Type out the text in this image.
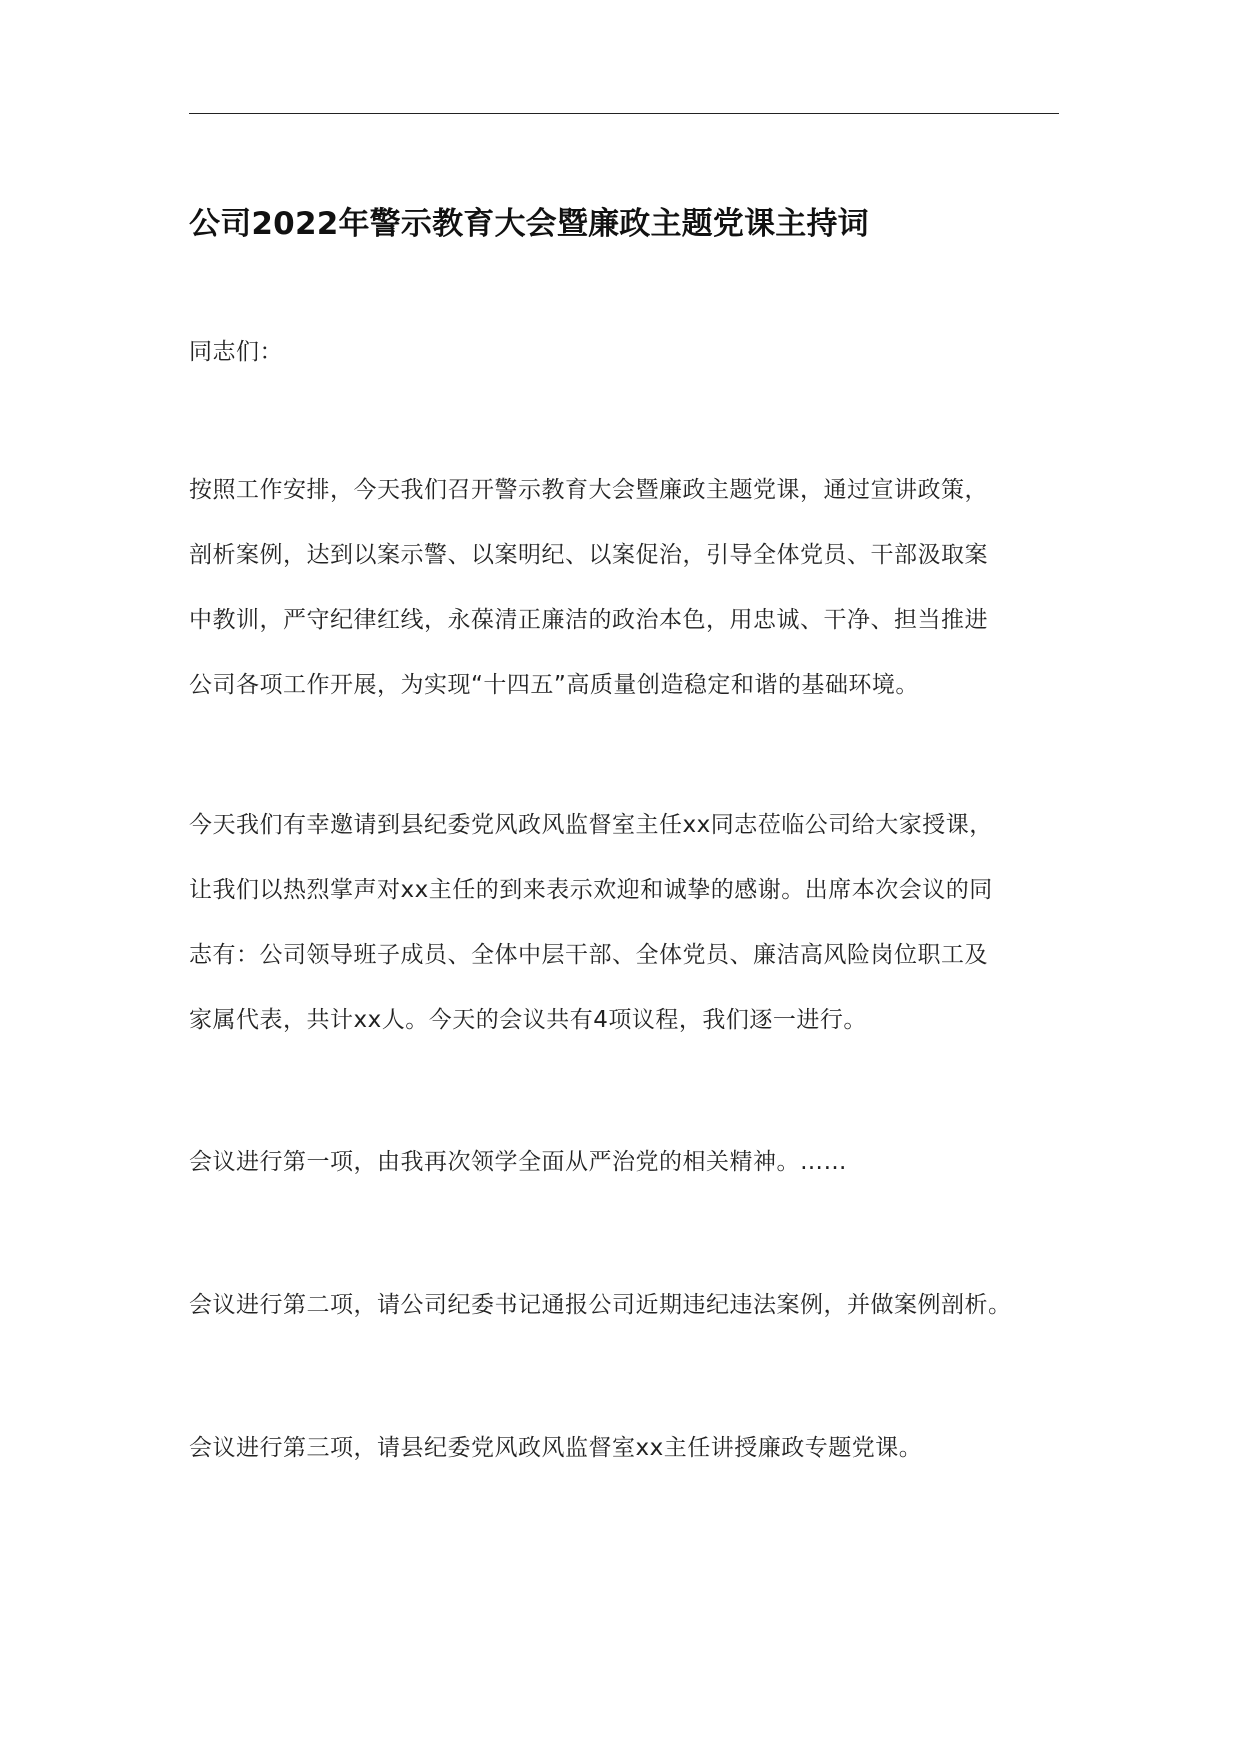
公司2022年警示教育大会暨廉政主题党课主持词

同志们：

按照工作安排，今天我们召开警示教育大会暨廉政主题党课，通过宣讲政策，
剖析案例，达到以案示警、以案明纪、以案促治，引导全体党员、干部汲取案
中教训，严守纪律红线，永葆清正廉洁的政治本色，用忠诚、干净、担当推进
公司各项工作开展，为实现“十四五”高质量创造稳定和谐的基础环境。

今天我们有幸邀请到县纪委党风政风监督室主任xx同志莅临公司给大家授课，
让我们以热烈掌声对xx主任的到来表示欢迎和诚挚的感谢。出席本次会议的同
志有：公司领导班子成员、全体中层干部、全体党员、廉洁高风险岗位职工及
家属代表，共计xx人。今天的会议共有4项议程，我们逐一进行。

会议进行第一项，由我再次领学全面从严治党的相关精神。……

会议进行第二项，请公司纪委书记通报公司近期违纪违法案例，并做案例剖析。

会议进行第三项，请县纪委党风政风监督室xx主任讲授廉政专题党课。
